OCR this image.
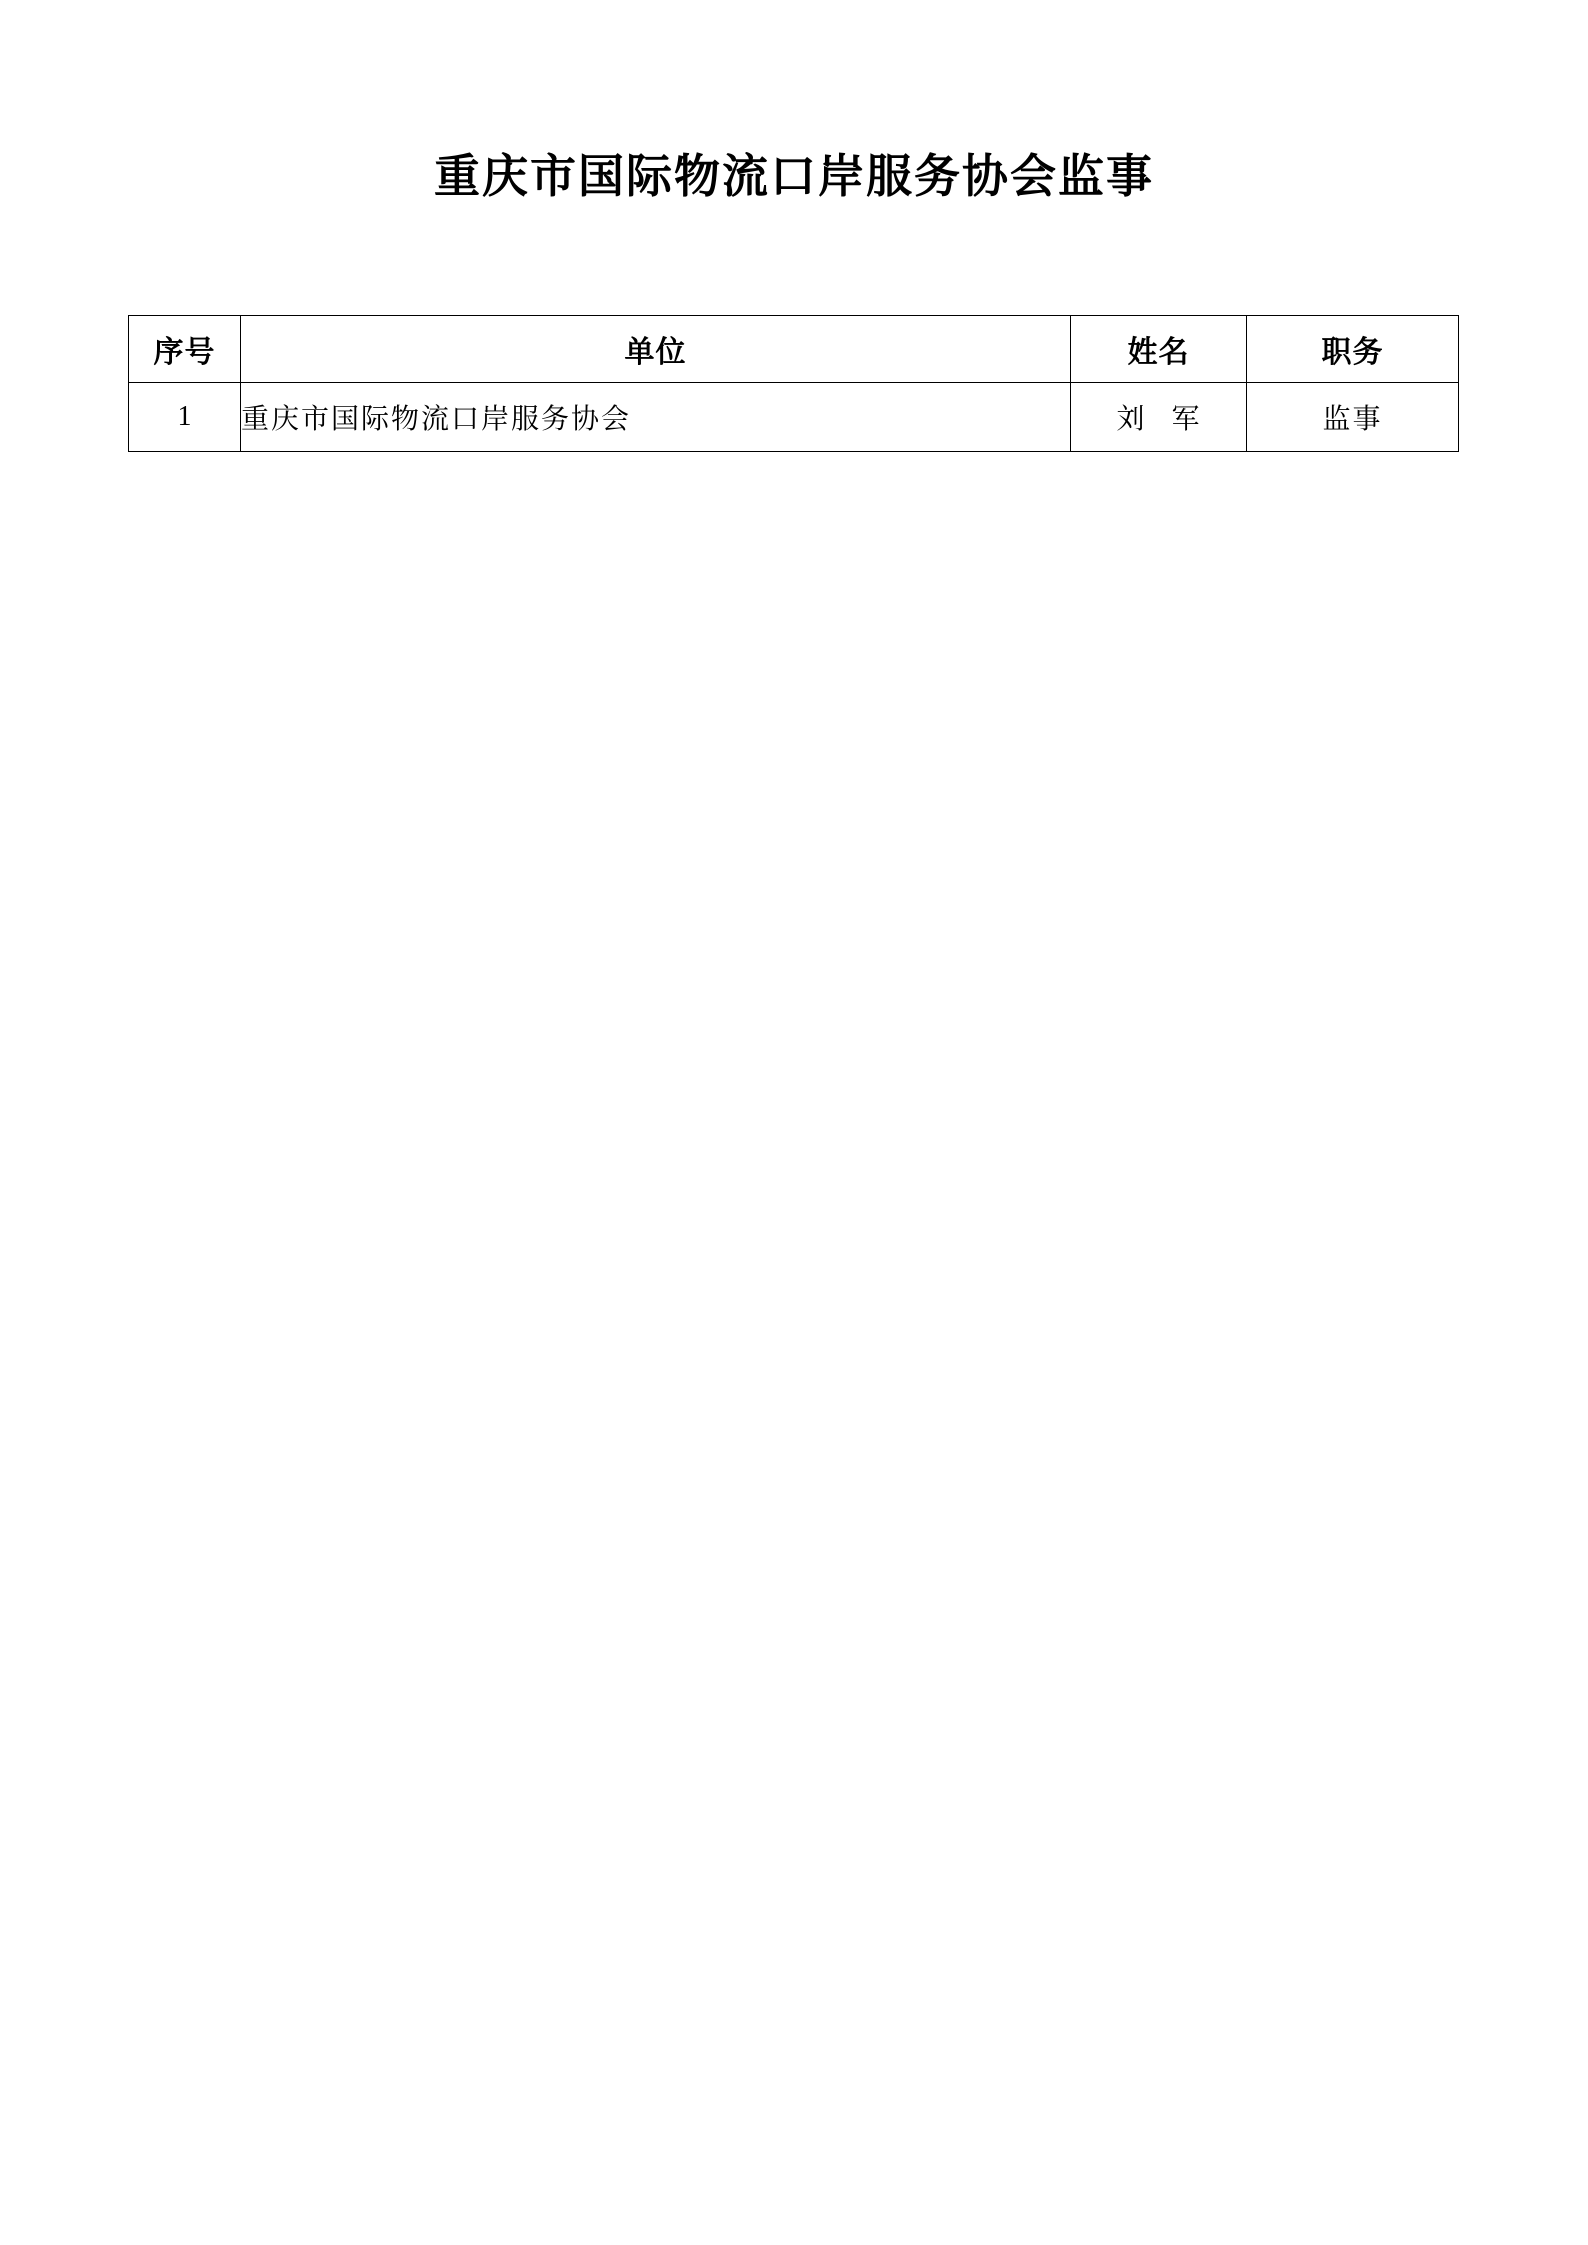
重庆市国际物流口岸服务协会监事
序号	单位	姓名	职务
1	重庆市国际物流口岸服务协会	刘 军	监事
